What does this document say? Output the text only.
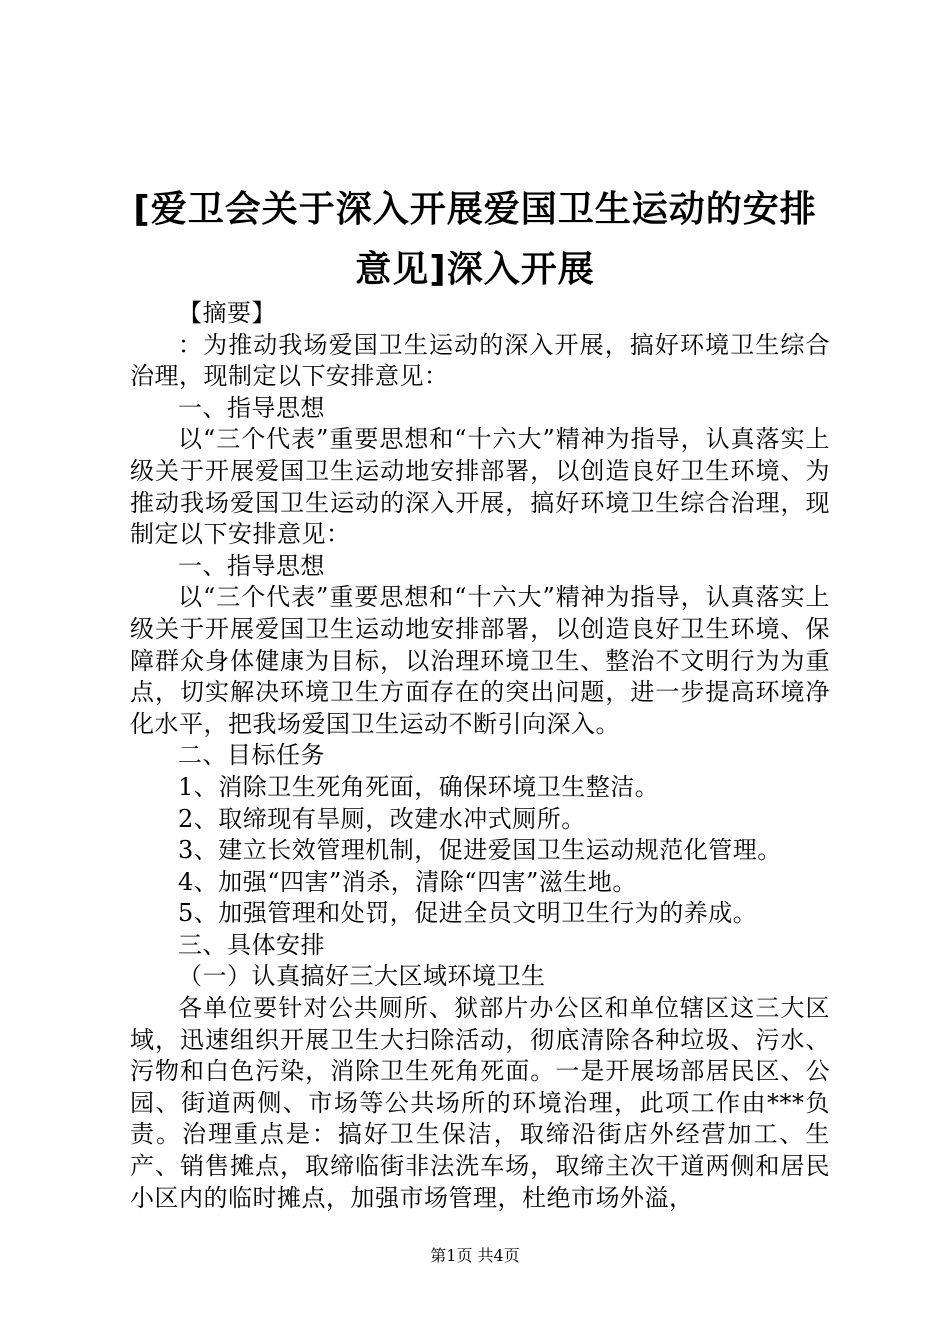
[爱卫会关于深入开展爱国卫生运动的安排意见]深入开展

【摘要】

：为推动我场爱国卫生运动的深入开展，搞好环境卫生综合治理，现制定以下安排意见：

一、指导思想

以“三个代表”重要思想和“十六大”精神为指导，认真落实上级关于开展爱国卫生运动地安排部署，以创造良好卫生环境、为推动我场爱国卫生运动的深入开展，搞好环境卫生综合治理，现制定以下安排意见：

一、指导思想

以“三个代表”重要思想和“十六大”精神为指导，认真落实上级关于开展爱国卫生运动地安排部署，以创造良好卫生环境、保障群众身体健康为目标，以治理环境卫生、整治不文明行为为重点，切实解决环境卫生方面存在的突出问题，进一步提高环境净化水平，把我场爱国卫生运动不断引向深入。

二、目标任务

1、消除卫生死角死面，确保环境卫生整洁。

2、取缔现有旱厕，改建水冲式厕所。

3、建立长效管理机制，促进爱国卫生运动规范化管理。

4、加强“四害”消杀，清除“四害”滋生地。

5、加强管理和处罚，促进全员文明卫生行为的养成。

三、具体安排

（一）认真搞好三大区域环境卫生

各单位要针对公共厕所、狱部片办公区和单位辖区这三大区域，迅速组织开展卫生大扫除活动，彻底清除各种垃圾、污水、污物和白色污染，消除卫生死角死面。一是开展场部居民区、公园、街道两侧、市场等公共场所的环境治理，此项工作由***负责。治理重点是：搞好卫生保洁，取缔沿街店外经营加工、生产、销售摊点，取缔临街非法洗车场，取缔主次干道两侧和居民小区内的临时摊点，加强市场管理，杜绝市场外溢，

第1页 共4页
